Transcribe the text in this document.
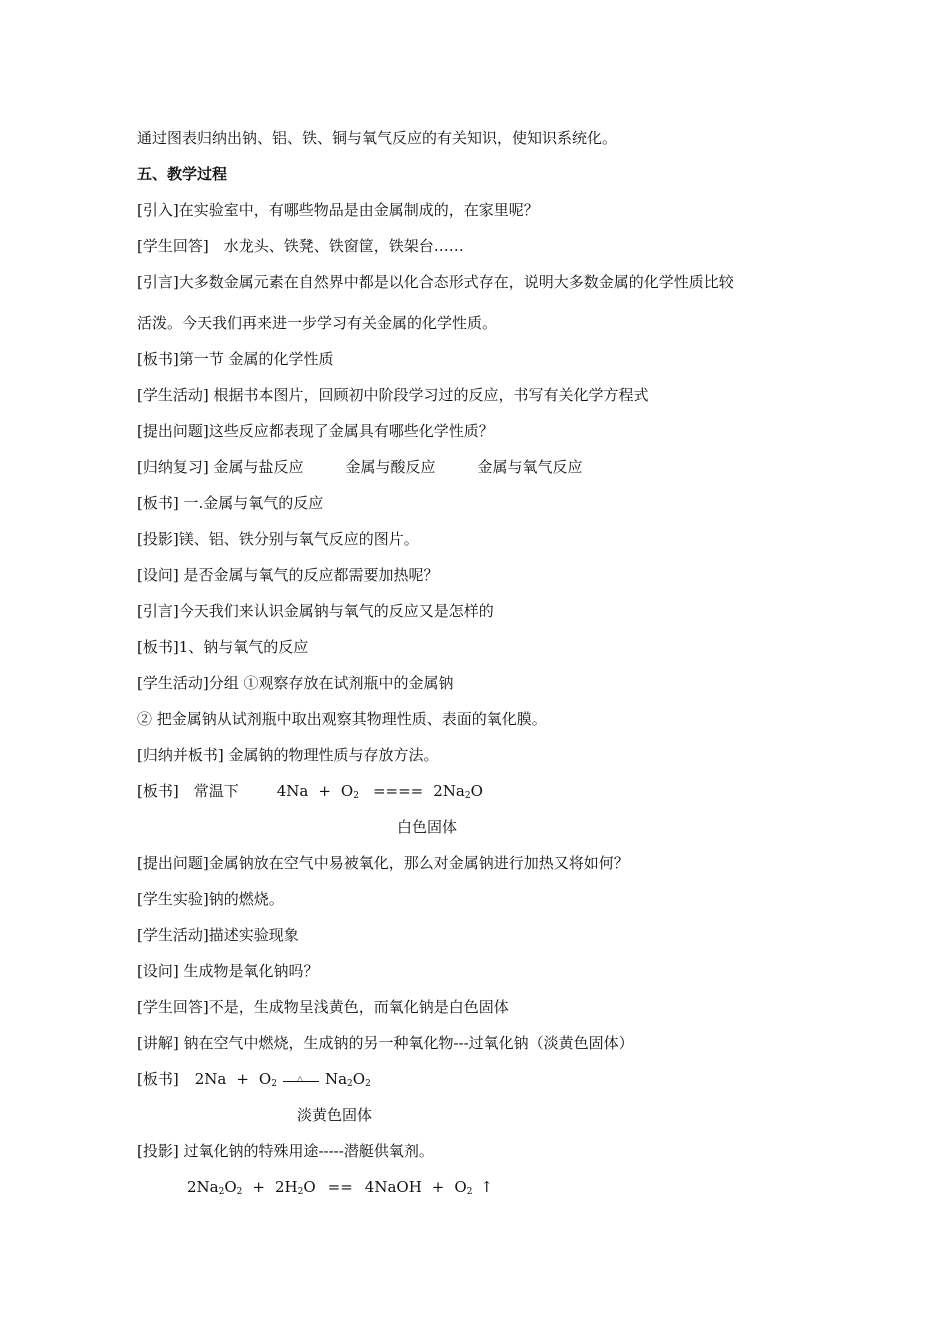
通过图表归纳出钠、铝、铁、铜与氧气反应的有关知识，使知识系统化。
五、教学过程
[引入]在实验室中，有哪些物品是由金属制成的，在家里呢？
[学生回答]　水龙头、铁凳、铁窗筐，铁架台……
[引言]大多数金属元素在自然界中都是以化合态形式存在，说明大多数金属的化学性质比较
活泼。今天我们再来进一步学习有关金属的化学性质。
[板书]第一节 金属的化学性质
[学生活动] 根据书本图片，回顾初中阶段学习过的反应，书写有关化学方程式
[提出问题]这些反应都表现了金属具有哪些化学性质？
[归纳复习] 金属与盐反应	金属与酸反应	金属与氧气反应
[板书] 一.金属与氧气的反应
[投影]镁、铝、铁分别与氧气反应的图片。
[设问] 是否金属与氧气的反应都需要加热呢？
[引言]今天我们来认识金属钠与氧气的反应又是怎样的
[板书]1、钠与氧气的反应
[学生活动]分组 ①观察存放在试剂瓶中的金属钠
② 把金属钠从试剂瓶中取出观察其物理性质、表面的氧化膜。
[归纳并板书] 金属钠的物理性质与存放方法。
[板书]　常温下	$4Na + O_2$ ==== $2Na_2O$
白色固体
[提出问题]金属钠放在空气中易被氧化，那么对金属钠进行加热又将如何？
[学生实验]钠的燃烧。
[学生活动]描述实验现象
[设问] 生成物是氧化钠吗？
[学生回答]不是，生成物呈浅黄色，而氧化钠是白色固体
[讲解] 钠在空气中燃烧，生成钠的另一种氧化物---过氧化钠（淡黄色固体）
[板书] $2Na + O_2$
△ $Na_2O_2$
淡黄色固体
[投影] 过氧化钠的特殊用途-----潜艇供氧剂。
$2Na_2O_2 + 2H_2O$ == 4NaOH + $O_2$ ↑
